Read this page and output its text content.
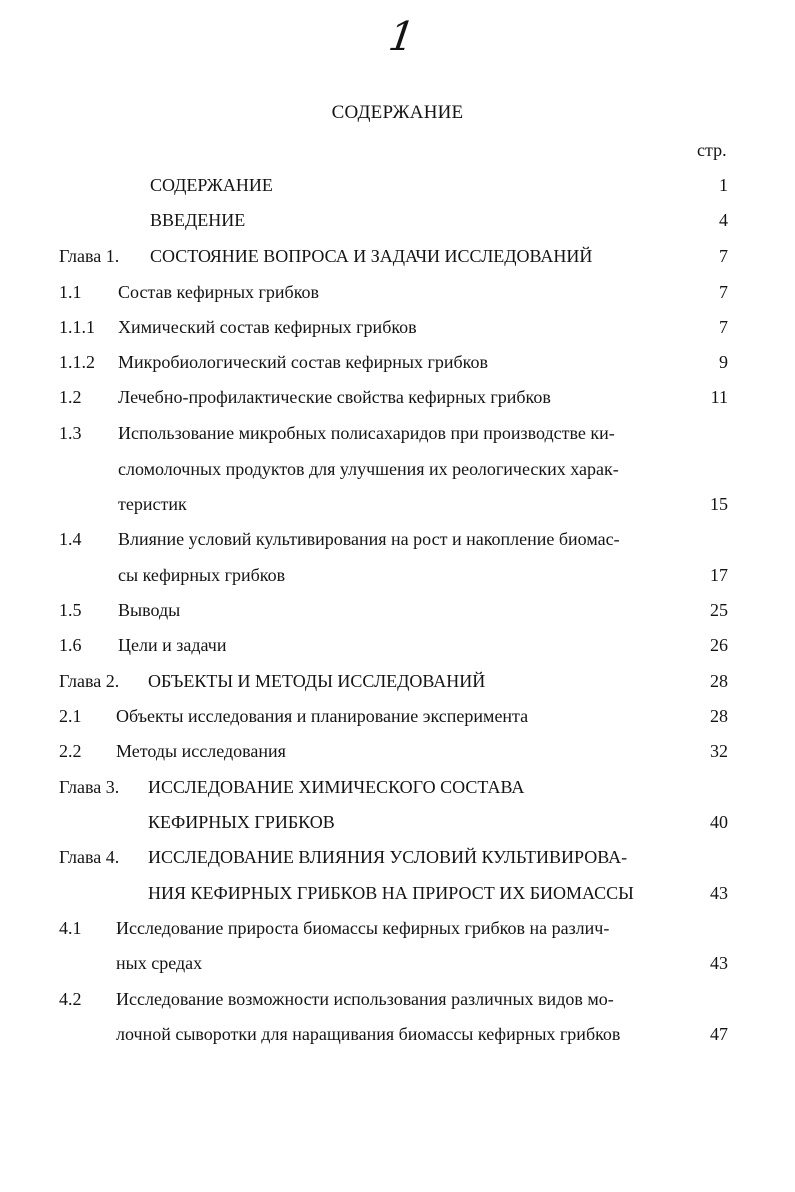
1
СОДЕРЖАНИЕ
стр.
СОДЕРЖАНИЕ	1
ВВЕДЕНИЕ	4
Глава 1. СОСТОЯНИЕ ВОПРОСА И ЗАДАЧИ ИССЛЕДОВАНИЙ	7
1.1 Состав кефирных грибков	7
1.1.1 Химический состав кефирных грибков	7
1.1.2 Микробиологический состав кефирных грибков	9
1.2 Лечебно-профилактические свойства кефирных грибков	11
1.3 Использование микробных полисахаридов при производстве ки-
сломолочных продуктов для улучшения их реологических харак-
теристик	15
1.4 Влияние условий культивирования на рост и накопление биомас-
сы кефирных грибков	17
1.5 Выводы	25
1.6 Цели и задачи	26
Глава 2. ОБЪЕКТЫ И МЕТОДЫ ИССЛЕДОВАНИЙ	28
2.1 Объекты исследования и планирование эксперимента	28
2.2 Методы исследования	32
Глава 3. ИССЛЕДОВАНИЕ ХИМИЧЕСКОГО СОСТАВА
КЕФИРНЫХ ГРИБКОВ	40
Глава 4. ИССЛЕДОВАНИЕ ВЛИЯНИЯ УСЛОВИЙ КУЛЬТИВИРОВА-
НИЯ КЕФИРНЫХ ГРИБКОВ НА ПРИРОСТ ИХ БИОМАССЫ	43
4.1 Исследование прироста биомассы кефирных грибков на различ-
ных средах	43
4.2 Исследование возможности использования различных видов мо-
лочной сыворотки для наращивания биомассы кефирных грибков	47
